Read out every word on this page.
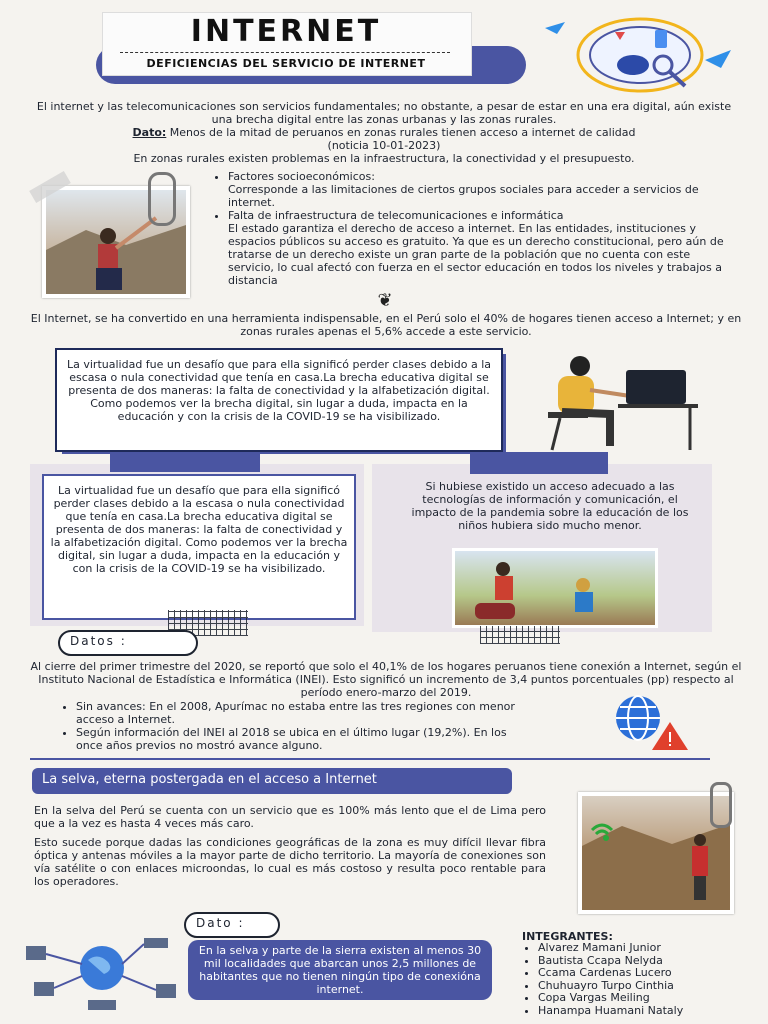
INTERNET
DEFICIENCIAS DEL SERVICIO DE INTERNET
El internet y las telecomunicaciones son servicios fundamentales; no obstante, a pesar de estar en una era digital, aún existe una brecha digital entre las zonas urbanas y las zonas rurales.
Dato: Menos de la mitad de peruanos en zonas rurales tienen acceso a internet de calidad
(noticia 10-01-2023)
En zonas rurales existen problemas en la infraestructura, la conectividad y el presupuesto.
• Factores socioeconómicos:
Corresponde a las limitaciones de ciertos grupos sociales para acceder a servicios de internet.
• Falta de infraestructura de telecomunicaciones e informática
El estado garantiza el derecho de acceso a internet. En las entidades, instituciones y espacios públicos su acceso es gratuito. Ya que es un derecho constitucional, pero aún de tratarse de un derecho existe un gran parte de la población que no cuenta con este servicio, lo cual afectó con fuerza en el sector educación en todos los niveles y trabajos a distancia
❦
El Internet, se ha convertido en una herramienta indispensable, en el Perú solo el 40% de hogares tienen acceso a Internet; y en zonas rurales apenas el 5,6% accede a este servicio.
La virtualidad fue un desafío que para ella significó perder clases debido a la escasa o nula conectividad que tenía en casa.La brecha educativa digital se presenta de dos maneras: la falta de conectividad y la alfabetización digital. Como podemos ver la brecha digital, sin lugar a duda, impacta en la educación y con la crisis de la COVID-19 se ha visibilizado.
La virtualidad fue un desafío que para ella significó perder clases debido a la escasa o nula conectividad que tenía en casa.La brecha educativa digital se presenta de dos maneras: la falta de conectividad y la alfabetización digital. Como podemos ver la brecha digital, sin lugar a duda, impacta en la educación y con la crisis de la COVID-19 se ha visibilizado.
Si hubiese existido un acceso adecuado a las tecnologías de información y comunicación, el impacto de la pandemia sobre la educación de los niños hubiera sido mucho menor.
Datos :
Al cierre del primer trimestre del 2020, se reportó que solo el 40,1% de los hogares peruanos tiene conexión a Internet, según el Instituto Nacional de Estadística e Informática (INEI). Esto significó un incremento de 3,4 puntos porcentuales (pp) respecto al período enero-marzo del 2019.
• Sin avances: En el 2008, Apurímac no estaba entre las tres regiones con menor acceso a Internet.
• Según información del INEI al 2018 se ubica en el último lugar (19,2%). En los once años previos no mostró avance alguno.
La selva, eterna postergada en el acceso a Internet
En la selva del Perú se cuenta con un servicio que es 100% más lento que el de Lima pero que a la vez es hasta 4 veces más caro.
Esto sucede porque dadas las condiciones geográficas de la zona es muy difícil llevar fibra óptica y antenas móviles a la mayor parte de dicho territorio. La mayoría de conexiones son vía satélite o con enlaces microondas, lo cual es más costoso y resulta poco rentable para los operadores.
Dato :
En la selva y parte de la sierra existen al menos 30 mil localidades que abarcan unos 2,5 millones de habitantes que no tienen ningún tipo de conexióna internet.
INTEGRANTES:
• Alvarez Mamani Junior
• Bautista Ccapa Nelyda
• Ccama Cardenas Lucero
• Chuhuayro Turpo Cinthia
• Copa Vargas Meiling
• Hanampa Huamani Nataly
